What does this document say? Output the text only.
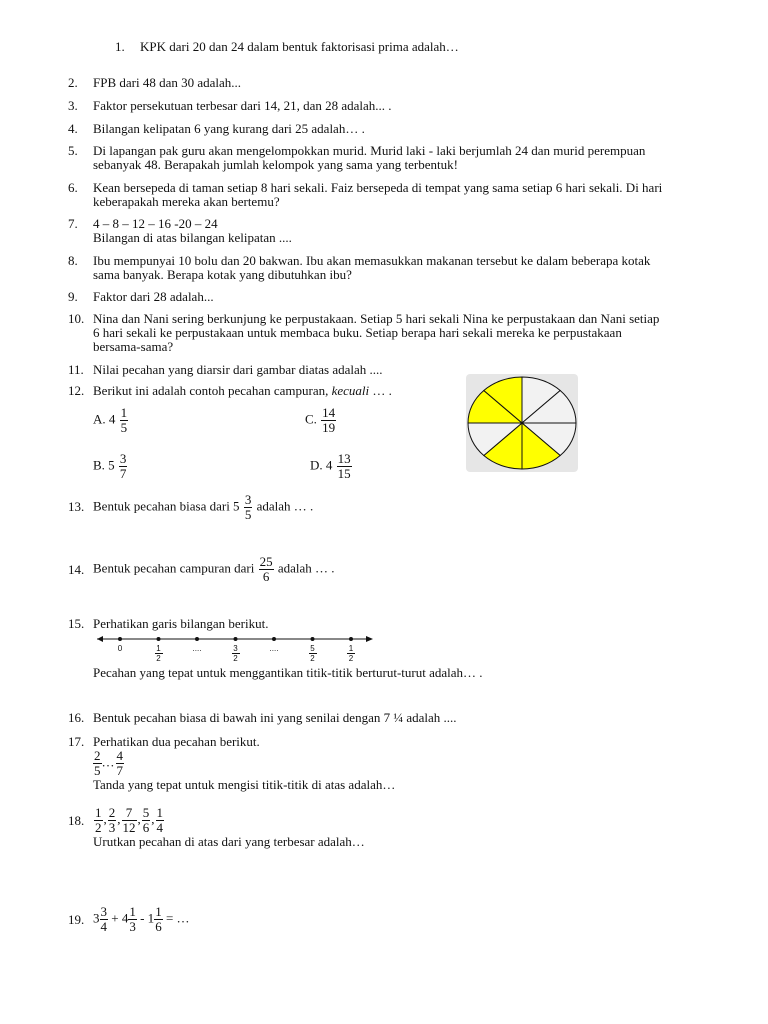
1.	KPK dari 20 dan 24 dalam bentuk faktorisasi prima adalah…
2.	FPB dari 48 dan 30 adalah...
3.	Faktor persekutuan terbesar dari 14, 21, dan 28 adalah... .
4.	Bilangan kelipatan 6 yang kurang dari 25 adalah… .
5.	Di lapangan pak guru akan mengelompokkan murid. Murid laki - laki berjumlah 24 dan murid perempuan
sebanyak 48. Berapakah jumlah kelompok yang sama yang terbentuk!
6.	Kean bersepeda di taman setiap 8 hari sekali. Faiz bersepeda di tempat yang sama setiap 6 hari sekali. Di hari
keberapakah mereka akan bertemu?
7.	4 – 8 – 12 – 16 -20 – 24
Bilangan di atas bilangan kelipatan ....
8.	Ibu mempunyai 10 bolu dan 20 bakwan. Ibu akan memasukkan makanan tersebut ke dalam beberapa kotak
sama banyak. Berapa kotak yang dibutuhkan ibu?
9.	Faktor dari 28 adalah...
10. Nina dan Nani sering berkunjung ke perpustakaan. Setiap 5 hari sekali Nina ke perpustakaan dan Nani setiap
6 hari sekali ke perpustakaan untuk membaca buku. Setiap berapa hari sekali mereka ke perpustakaan
bersama-sama?
11. Nilai pecahan yang diarsir dari gambar diatas adalah ....
12. Berikut ini adalah contoh pecahan campuran, kecuali … .
A. $4 \frac{1}{5}$	C. $\frac{14}{19}$
B. $5 \frac{3}{7}$	D. $4 \frac{13}{15}$
13. Bentuk pecahan biasa dari $5 \frac{3}{5}$ adalah … .
14. Bentuk pecahan campuran dari $\frac{25}{6}$ adalah … .
15. Perhatikan garis bilangan berikut.
0	$\frac{1}{2}$	....	$\frac{3}{2}$	....	$\frac{5}{2} \frac{1}{2}$
Pecahan yang tepat untuk menggantikan titik-titik berturut-turut adalah… .
16. Bentuk pecahan biasa di bawah ini yang senilai dengan 7 ¼ adalah ....
17. Perhatikan dua pecahan berikut.
$\frac{2}{5}$ … $\frac{4}{7}$
Tanda yang tepat untuk mengisi titik-titik di atas adalah…
18. $\frac{1}{2}$ , $\frac{2}{3}$ , $\frac{7}{12}$ , $\frac{5}{6}$ , $\frac{1}{4}$
Urutkan pecahan di atas dari yang terbesar adalah…
19. $3 \frac{3}{4} + 4 \frac{1}{3} - 1 \frac{1}{6}$ = …
